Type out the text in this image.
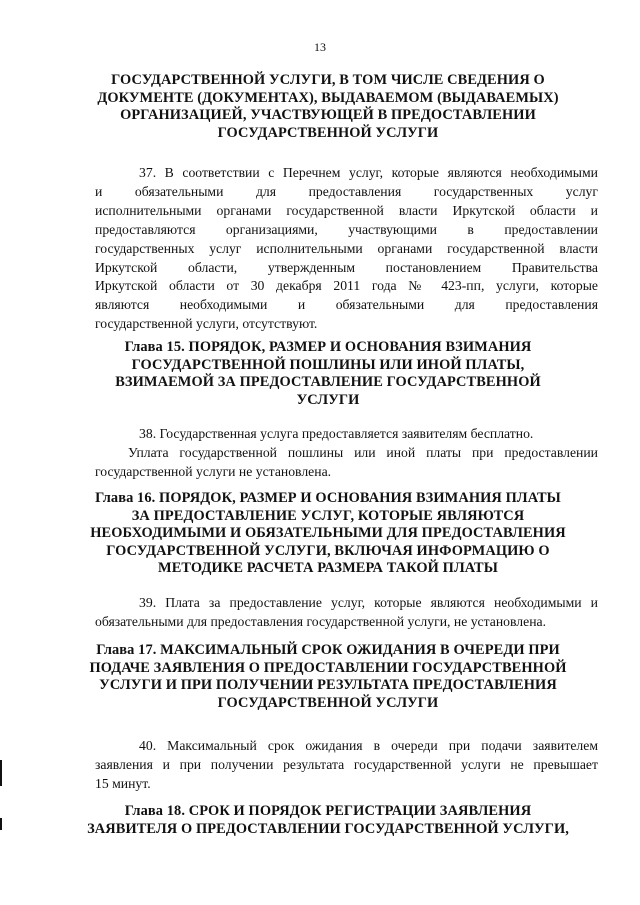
13
ГОСУДАРСТВЕННОЙ УСЛУГИ, В ТОМ ЧИСЛЕ СВЕДЕНИЯ О
ДОКУМЕНТЕ (ДОКУМЕНТАХ), ВЫДАВАЕМОМ (ВЫДАВАЕМЫХ)
ОРГАНИЗАЦИЕЙ, УЧАСТВУЮЩЕЙ В ПРЕДОСТАВЛЕНИИ
ГОСУДАРСТВЕННОЙ УСЛУГИ
37. В соответствии с Перечнем услуг, которые являются необходимыми
и обязательными для предоставления государственных услуг
исполнительными органами государственной власти Иркутской области и
предоставляются организациями, участвующими в предоставлении
государственных услуг исполнительными органами государственной власти
Иркутской области, утвержденным постановлением Правительства
Иркутской области от 30 декабря 2011 года № 423-пп, услуги, которые
являются необходимыми и обязательными для предоставления
государственной услуги, отсутствуют.
Глава 15. ПОРЯДОК, РАЗМЕР И ОСНОВАНИЯ ВЗИМАНИЯ
ГОСУДАРСТВЕННОЙ ПОШЛИНЫ ИЛИ ИНОЙ ПЛАТЫ,
ВЗИМАЕМОЙ ЗА ПРЕДОСТАВЛЕНИЕ ГОСУДАРСТВЕННОЙ
УСЛУГИ
38. Государственная услуга предоставляется заявителям бесплатно.
Уплата государственной пошлины или иной платы при предоставлении
государственной услуги не установлена.
Глава 16. ПОРЯДОК, РАЗМЕР И ОСНОВАНИЯ ВЗИМАНИЯ ПЛАТЫ
ЗА ПРЕДОСТАВЛЕНИЕ УСЛУГ, КОТОРЫЕ ЯВЛЯЮТСЯ
НЕОБХОДИМЫМИ И ОБЯЗАТЕЛЬНЫМИ ДЛЯ ПРЕДОСТАВЛЕНИЯ
ГОСУДАРСТВЕННОЙ УСЛУГИ, ВКЛЮЧАЯ ИНФОРМАЦИЮ О
МЕТОДИКЕ РАСЧЕТА РАЗМЕРА ТАКОЙ ПЛАТЫ
39. Плата за предоставление услуг, которые являются необходимыми и
обязательными для предоставления государственной услуги, не установлена.
Глава 17. МАКСИМАЛЬНЫЙ СРОК ОЖИДАНИЯ В ОЧЕРЕДИ ПРИ
ПОДАЧЕ ЗАЯВЛЕНИЯ О ПРЕДОСТАВЛЕНИИ ГОСУДАРСТВЕННОЙ
УСЛУГИ И ПРИ ПОЛУЧЕНИИ РЕЗУЛЬТАТА ПРЕДОСТАВЛЕНИЯ
ГОСУДАРСТВЕННОЙ УСЛУГИ
40. Максимальный срок ожидания в очереди при подачи заявителем
заявления и при получении результата государственной услуги не превышает
15 минут.
Глава 18. СРОК И ПОРЯДОК РЕГИСТРАЦИИ ЗАЯВЛЕНИЯ
ЗАЯВИТЕЛЯ О ПРЕДОСТАВЛЕНИИ ГОСУДАРСТВЕННОЙ УСЛУГИ,
